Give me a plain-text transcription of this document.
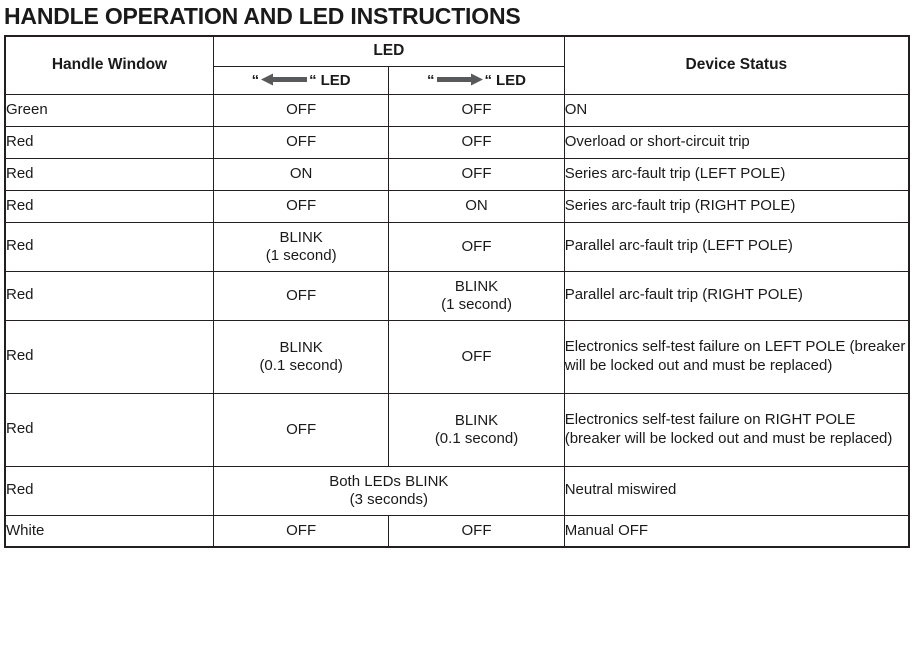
HANDLE OPERATION AND LED INSTRUCTIONS
Handle Window	LED		Device Status

	“ “ LED	“ “ LED	

Green	OFF	OFF	ON
Red	OFF	OFF	Overload or short-circuit trip
Red	ON	OFF	Series arc-fault trip (LEFT POLE)
Red	OFF	ON	Series arc-fault trip (RIGHT POLE)
Red	BLINK
(1 second)	OFF	Parallel arc-fault trip (LEFT POLE)
Red	OFF	BLINK
(1 second)	Parallel arc-fault trip (RIGHT POLE)
Red	BLINK
(0.1 second)	OFF	Electronics self-test failure on LEFT POLE (breaker will be locked out and must be replaced)
Red	OFF	BLINK
(0.1 second)	Electronics self-test failure on RIGHT POLE (breaker will be locked out and must be replaced)
Red	Both LEDs BLINK
(3 seconds)		Neutral miswired
White	OFF	OFF	Manual OFF
